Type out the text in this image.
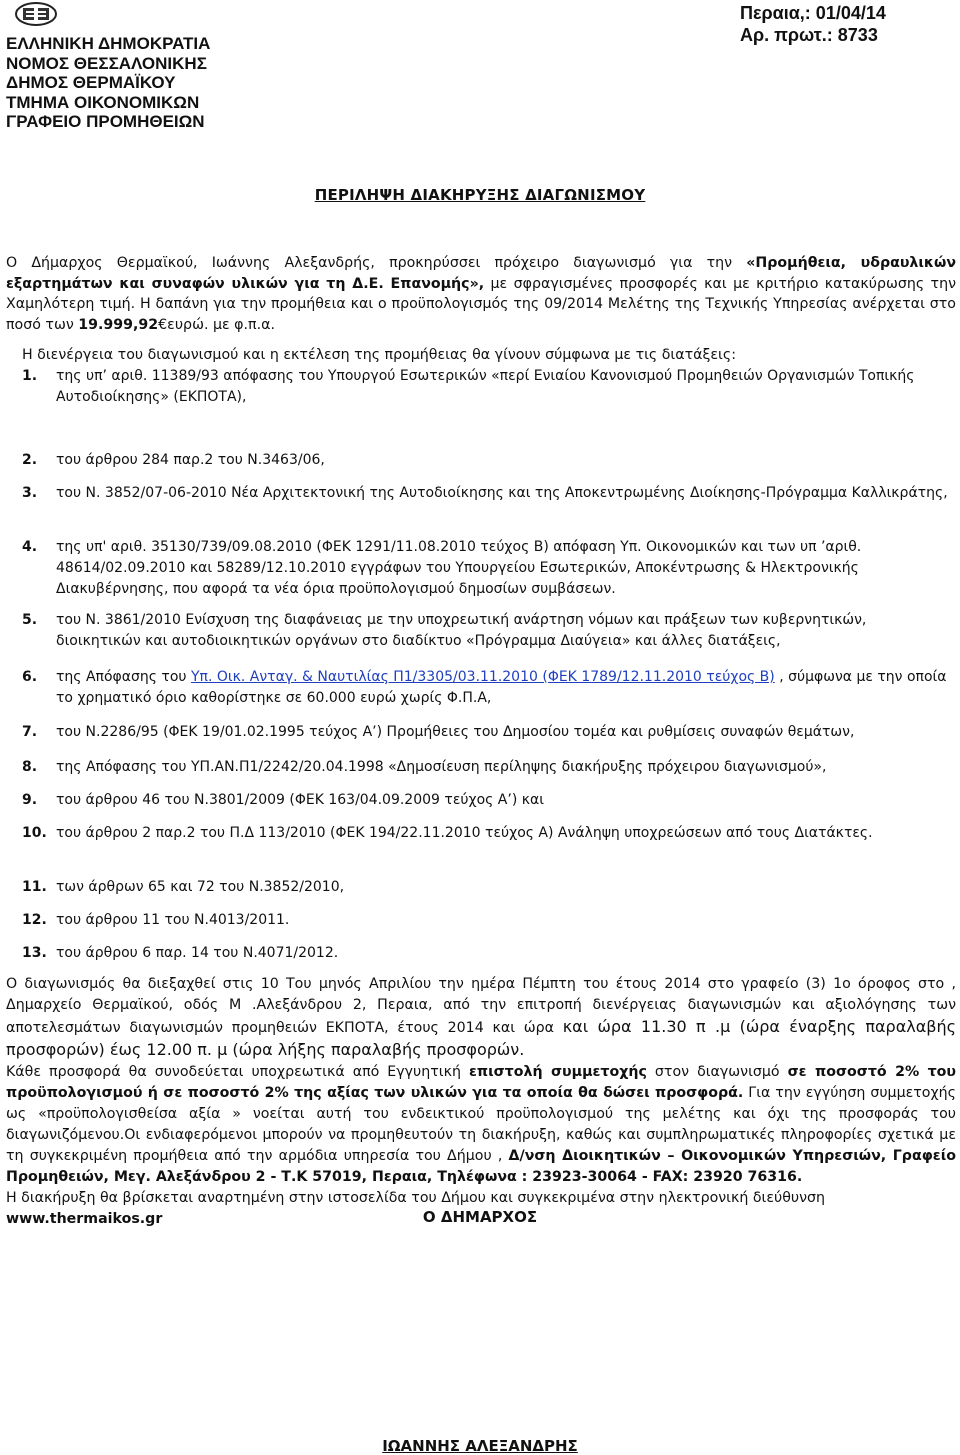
ΕΛΛΗΝΙΚΗ ΔΗΜΟΚΡΑΤΙΑ
ΝΟΜΟΣ ΘΕΣΣΑΛΟΝΙΚΗΣ
ΔΗΜΟΣ ΘΕΡΜΑΪΚΟΥ
ΤΜΗΜΑ ΟΙΚΟΝΟΜΙΚΩΝ
ΓΡΑΦΕΙΟ ΠΡΟΜΗΘΕΙΩΝ
Περαια,: 01/04/14
Αρ. πρωτ.: 8733
ΠΕΡΙΛΗΨΗ ΔΙΑΚΗΡΥΞΗΣ ΔΙΑΓΩΝΙΣΜΟΥ
Ο Δήμαρχος Θερμαϊκού, Ιωάννης Αλεξανδρής, προκηρύσσει πρόχειρο διαγωνισμό για την «Προμήθεια, υδραυλικών εξαρτημάτων και συναφών υλικών για τη Δ.Ε. Επανομής», με σφραγισμένες προσφορές και με κριτήριο κατακύρωσης την Χαμηλότερη τιμή. Η δαπάνη για την προμήθεια και ο προϋπολογισμός της 09/2014 Μελέτης της Τεχνικής Υπηρεσίας ανέρχεται στο ποσό των 19.999,92€ευρώ. με φ.π.α.
Η διενέργεια του διαγωνισμού και η εκτέλεση της προμήθειας θα γίνουν σύμφωνα με τις διατάξεις:
1.	της υπ’ αριθ. 11389/93 απόφασης του Υπουργού Εσωτερικών «περί Ενιαίου Κανονισμού Προμηθειών Οργανισμών Τοπικής Αυτοδιοίκησης» (ΕΚΠΟΤΑ),
2.	του άρθρου 284 παρ.2 του Ν.3463/06,
3.	του Ν. 3852/07-06-2010 Νέα Αρχιτεκτονική της Αυτοδιοίκησης και της Αποκεντρωμένης Διοίκησης-Πρόγραμμα Καλλικράτης,
4.	της υπ' αριθ. 35130/739/09.08.2010 (ΦΕΚ 1291/11.08.2010 τεύχος Β) απόφαση Υπ. Οικονομικών και των υπ ’αριθ. 48614/02.09.2010 και 58289/12.10.2010 εγγράφων του Υπουργείου Εσωτερικών, Αποκέντρωσης & Ηλεκτρονικής Διακυβέρνησης, που αφορά τα νέα όρια προϋπολογισμού δημοσίων συμβάσεων.
5.	του Ν. 3861/2010 Ενίσχυση της διαφάνειας με την υποχρεωτική ανάρτηση νόμων και πράξεων των κυβερνητικών, διοικητικών και αυτοδιοικητικών οργάνων στο διαδίκτυο «Πρόγραμμα Διαύγεια» και άλλες διατάξεις,
6.	της Απόφασης του Υπ. Οικ. Ανταγ. & Ναυτιλίας Π1/3305/03.11.2010 (ΦΕΚ 1789/12.11.2010 τεύχος Β) , σύμφωνα με την οποία το χρηματικό όριο καθορίστηκε σε 60.000 ευρώ χωρίς Φ.Π.Α,
7.	του Ν.2286/95 (ΦΕΚ 19/01.02.1995 τεύχος Α’) Προμήθειες του Δημοσίου τομέα και ρυθμίσεις συναφών θεμάτων,
8.	της Απόφασης του ΥΠ.ΑΝ.Π1/2242/20.04.1998 «Δημοσίευση περίληψης διακήρυξης πρόχειρου διαγωνισμού»,
9.	του άρθρου 46 του Ν.3801/2009 (ΦΕΚ 163/04.09.2009 τεύχος Α’) και
10. του άρθρου 2 παρ.2 του Π.Δ 113/2010 (ΦΕΚ 194/22.11.2010 τεύχος Α) Ανάληψη υποχρεώσεων από τους Διατάκτες.
11. των άρθρων 65 και 72 του Ν.3852/2010,
12. του άρθρου 11 του Ν.4013/2011.
13. του άρθρου 6 παρ. 14 του Ν.4071/2012.
Ο διαγωνισμός θα διεξαχθεί στις 10 Του μηνός Απριλίου την ημέρα Πέμπτη του έτους 2014 στο γραφείο (3) 1ο όροφος στο , Δημαρχείο Θερμαϊκού, οδός Μ .Αλεξάνδρου 2, Περαια, από την επιτροπή διενέργειας διαγωνισμών και αξιολόγησης των αποτελεσμάτων διαγωνισμών προμηθειών ΕΚΠΟΤΑ, έτους 2014 και ώρα και ώρα 11.30 π .μ (ώρα έναρξης παραλαβής προσφορών) έως 12.00 π. μ (ώρα λήξης παραλαβής προσφορών.
Κάθε προσφορά θα συνοδεύεται υποχρεωτικά από Εγγυητική επιστολή συμμετοχής στον διαγωνισμό σε ποσοστό 2% του προϋπολογισμού ή σε ποσοστό 2% της αξίας των υλικών για τα οποία θα δώσει προσφορά. Για την εγγύηση συμμετοχής ως «προϋπολογισθείσα αξία » νοείται αυτή του ενδεικτικού προϋπολογισμού της μελέτης και όχι της προσφοράς του διαγωνιζόμενου.Οι ενδιαφερόμενοι μπορούν να προμηθευτούν τη διακήρυξη, καθώς και συμπληρωματικές πληροφορίες σχετικά με τη συγκεκριμένη προμήθεια από την αρμόδια υπηρεσία του Δήμου , Δ/νση Διοικητικών – Οικονομικών Υπηρεσιών, Γραφείο Προμηθειών, Μεγ. Αλεξάνδρου 2 - Τ.Κ 57019, Περαια, Τηλέφωνα : 23923-30064 - FAX: 23920 76316.
Η διακήρυξη θα βρίσκεται αναρτημένη στην ιστοσελίδα του Δήμου και συγκεκριμένα στην ηλεκτρονική διεύθυνση
www.thermaikos.gr	Ο ΔΗΜΑΡΧΟΣ
ΙΩΑΝΝΗΣ ΑΛΕΞΑΝΔΡΗΣ
